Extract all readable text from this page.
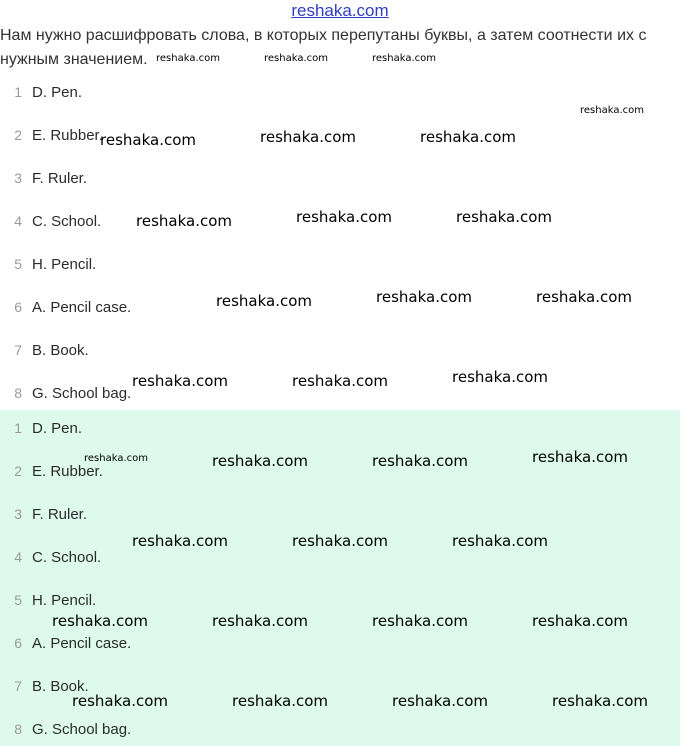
reshaka.com
Нам нужно расшифровать слова, в которых перепутаны буквы, а затем соотнести их с нужным значением.
1 D. Pen.
2 E. Rubber.
3 F. Ruler.
4 C. School.
5 H. Pencil.
6 A. Pencil case.
7 B. Book.
8 G. School bag.
1 D. Pen.
2 E. Rubber.
3 F. Ruler.
4 C. School.
5 H. Pencil.
6 A. Pencil case.
7 B. Book.
8 G. School bag.
reshaka.com	reshaka.com	reshaka.com
reshaka.com
reshaka.com	reshaka.com	reshaka.com
reshaka.com	reshaka.com	reshaka.com
reshaka.com	reshaka.com	reshaka.com
reshaka.com	reshaka.com	reshaka.com
reshaka.com	reshaka.com	reshaka.com	reshaka.com
reshaka.com	reshaka.com	reshaka.com
reshaka.com	reshaka.com	reshaka.com	reshaka.com
reshaka.com	reshaka.com	reshaka.com	reshaka.com
